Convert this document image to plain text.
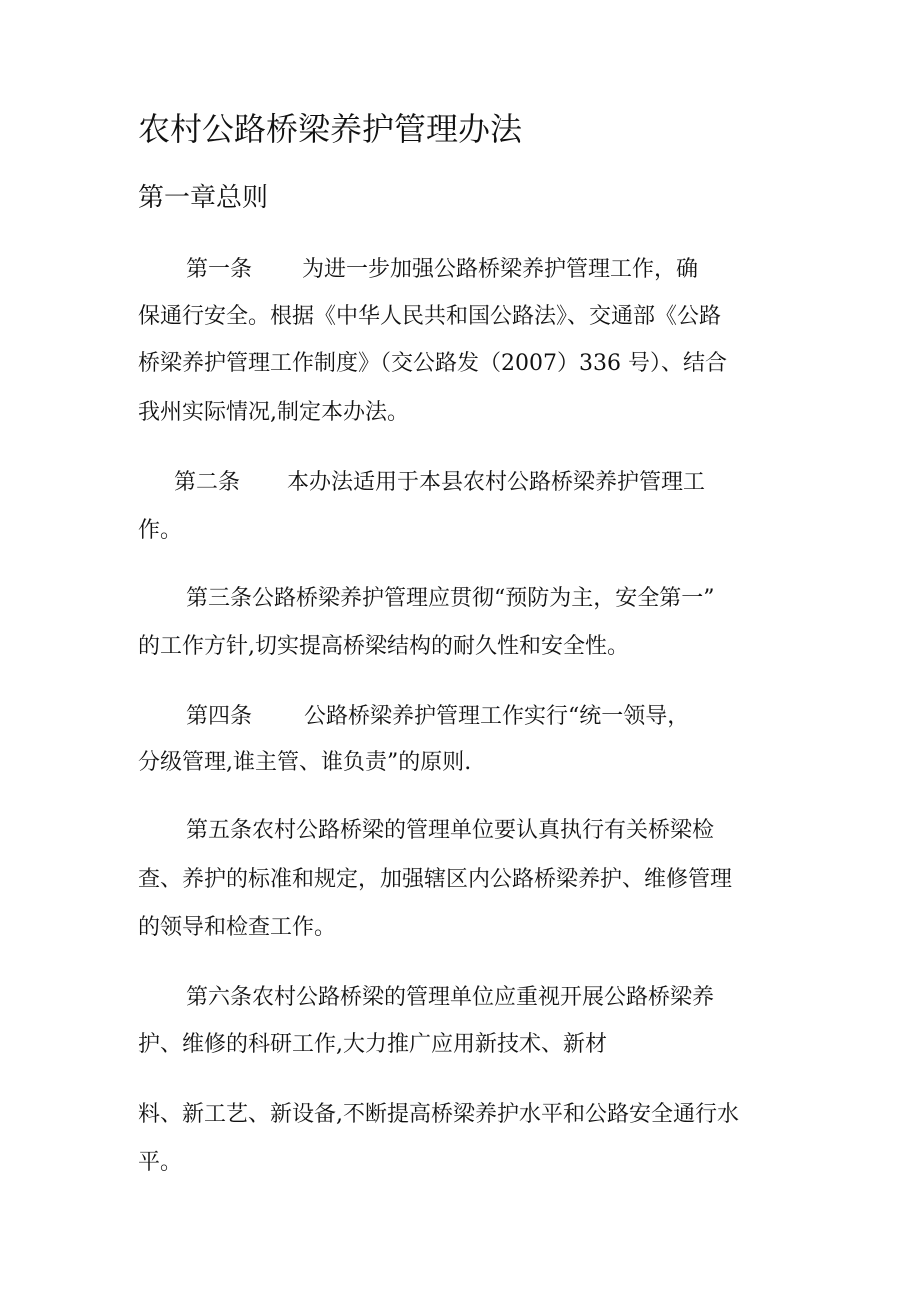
农村公路桥梁养护管理办法
第一章总则
第一条 为进一步加强公路桥梁养护管理工作，确
保通行安全。根据《中华人民共和国公路法》、交通部《公路
桥梁养护管理工作制度》（交公路发（2007）336 号）、结合
我州实际情况,制定本办法。
第二条 本办法适用于本县农村公路桥梁养护管理工
作。
第三条公路桥梁养护管理应贯彻“预防为主，安全第一”
的工作方针,切实提高桥梁结构的耐久性和安全性。
第四条 公路桥梁养护管理工作实行“统一领导，
分级管理,谁主管、谁负责”的原则.
第五条农村公路桥梁的管理单位要认真执行有关桥梁检
查、养护的标准和规定，加强辖区内公路桥梁养护、维修管理
的领导和检查工作。
第六条农村公路桥梁的管理单位应重视开展公路桥梁养
护、维修的科研工作,大力推广应用新技术、新材
料、新工艺、新设备,不断提高桥梁养护水平和公路安全通行水
平。
